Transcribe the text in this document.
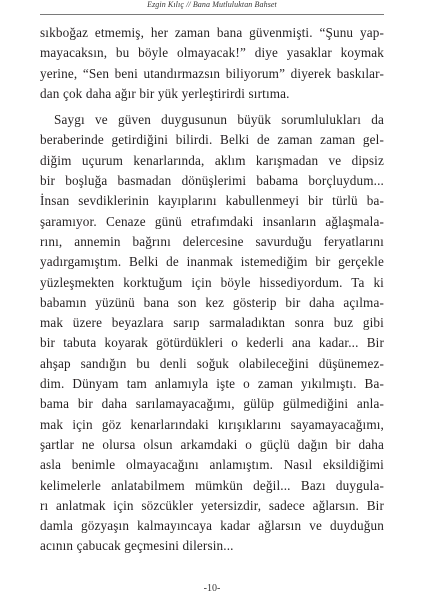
Ezgin Kılıç // Bana Mutluluktan Bahset
sıkboğaz etmemiş, her zaman bana güvenmişti. “Şunu yap-
mayacaksın, bu böyle olmayacak!” diye yasaklar koymak
yerine, “Sen beni utandırmazsın biliyorum” diyerek baskılar-
dan çok daha ağır bir yük yerleştirirdi sırtıma.
Saygı ve güven duygusunun büyük sorumlulukları da
beraberinde getirdiğini bilirdi. Belki de zaman zaman gel-
diğim uçurum kenarlarında, aklım karışmadan ve dipsiz
bir boşluğa basmadan dönüşlerimi babama borçluydum...
İnsan sevdiklerinin kayıplarını kabullenmeyi bir türlü ba-
şaramıyor. Cenaze günü etrafımdaki insanların ağlaşmala-
rını, annemin bağrını delercesine savurduğu feryatlarını
yadırgamıştım. Belki de inanmak istemediğim bir gerçekle
yüzleşmekten korktuğum için böyle hissediyordum. Ta ki
babamın yüzünü bana son kez gösterip bir daha açılma-
mak üzere beyazlara sarıp sarmaladıktan sonra buz gibi
bir tabuta koyarak götürdükleri o kederli ana kadar... Bir
ahşap sandığın bu denli soğuk olabileceğini düşünemez-
dim. Dünyam tam anlamıyla işte o zaman yıkılmıştı. Ba-
bama bir daha sarılamayacağımı, gülüp gülmediğini anla-
mak için göz kenarlarındaki kırışıklarını sayamayacağımı,
şartlar ne olursa olsun arkamdaki o güçlü dağın bir daha
asla benimle olmayacağını anlamıştım. Nasıl eksildiğimi
kelimelerle anlatabilmem mümkün değil... Bazı duygula-
rı anlatmak için sözcükler yetersizdir, sadece ağlarsın. Bir
damla gözyaşın kalmayıncaya kadar ağlarsın ve duyduğun
acının çabucak geçmesini dilersin...
-10-
